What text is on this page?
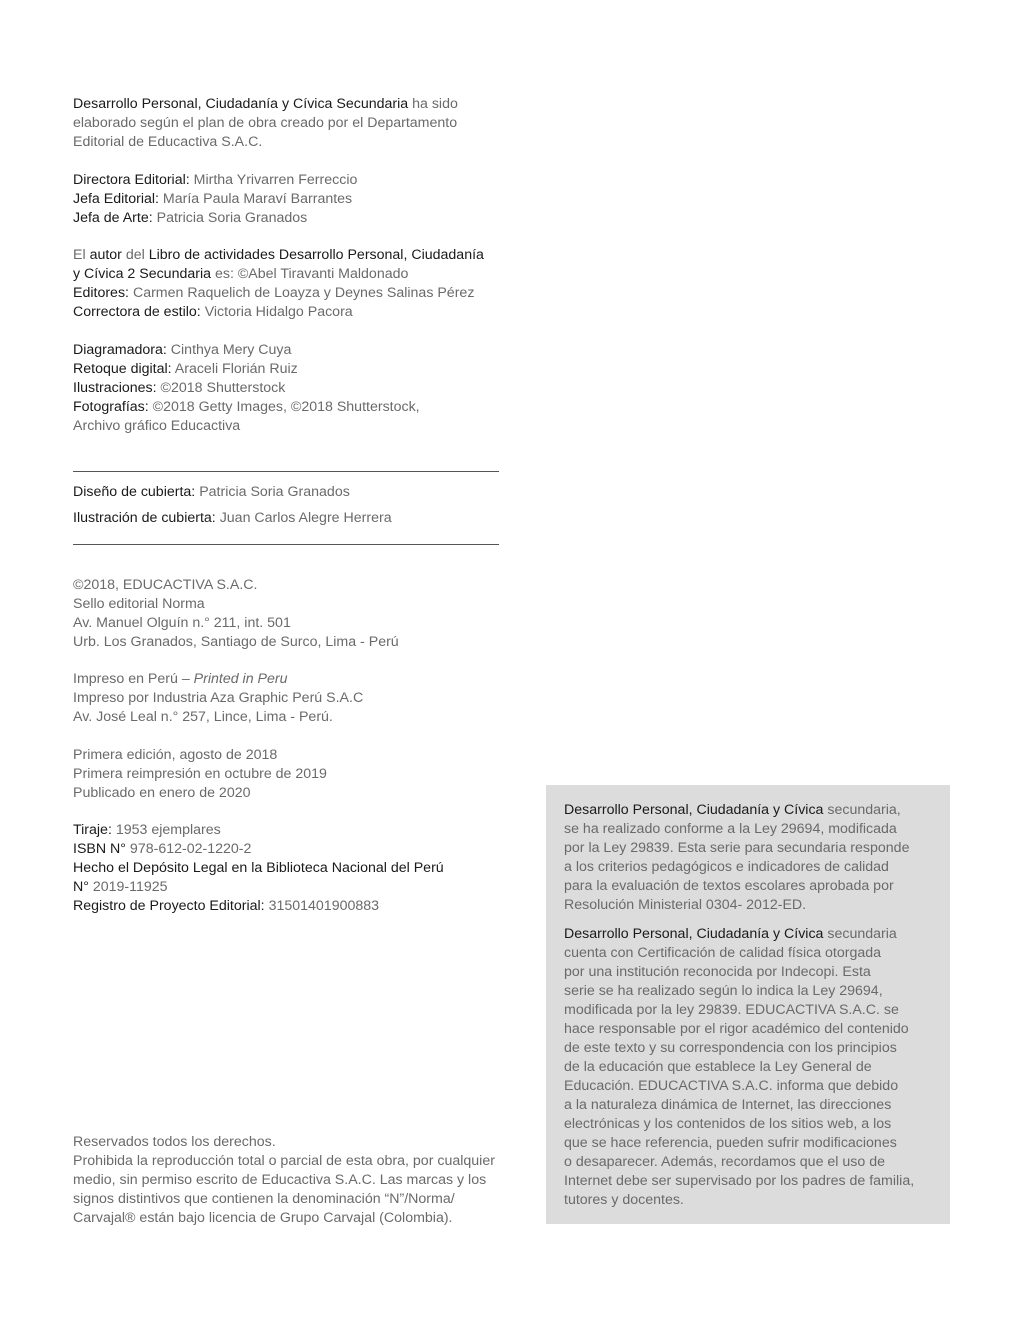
Desarrollo Personal, Ciudadanía y Cívica Secundaria ha sido

elaborado según el plan de obra creado por el Departamento

Editorial de Educactiva S.A.C.

Directora Editorial: Mirtha Yrivarren Ferreccio

Jefa Editorial: María Paula Maraví Barrantes

Jefa de Arte: Patricia Soria Granados

El autor del Libro de actividades Desarrollo Personal, Ciudadanía

y Cívica 2 Secundaria es: ©Abel Tiravanti Maldonado

Editores: Carmen Raquelich de Loayza y Deynes Salinas Pérez

Correctora de estilo: Victoria Hidalgo Pacora

Diagramadora: Cinthya Mery Cuya

Retoque digital: Araceli Florián Ruiz

Ilustraciones: ©2018 Shutterstock

Fotografías: ©2018 Getty Images, ©2018 Shutterstock,

Archivo gráfico Educactiva

Diseño de cubierta: Patricia Soria Granados

Ilustración de cubierta: Juan Carlos Alegre Herrera

©2018, EDUCACTIVA S.A.C.

Sello editorial Norma

Av. Manuel Olguín n.° 211, int. 501

Urb. Los Granados, Santiago de Surco, Lima - Perú

Impreso en Perú – Printed in Peru

Impreso por Industria Aza Graphic Perú S.A.C

Av. José Leal n.° 257, Lince, Lima - Perú.

Primera edición, agosto de 2018

Primera reimpresión en octubre de 2019

Publicado en enero de 2020

Tiraje: 1953 ejemplares

ISBN N° 978-612-02-1220-2

Hecho el Depósito Legal en la Biblioteca Nacional del Perú

N° 2019-11925

Registro de Proyecto Editorial: 31501401900883

Reservados todos los derechos.

Prohibida la reproducción total o parcial de esta obra, por cualquier

medio, sin permiso escrito de Educactiva S.A.C. Las marcas y los

signos distintivos que contienen la denominación “N”/Norma/

Carvajal® están bajo licencia de Grupo Carvajal (Colombia).

Desarrollo Personal, Ciudadanía y Cívica secundaria,

se ha realizado conforme a la Ley 29694, modificada

por la Ley 29839. Esta serie para secundaria responde

a los criterios pedagógicos e indicadores de calidad

para la evaluación de textos escolares aprobada por

Resolución Ministerial 0304- 2012-ED.

Desarrollo Personal, Ciudadanía y Cívica secundaria

cuenta con Certificación de calidad física otorgada

por una institución reconocida por Indecopi. Esta

serie se ha realizado según lo indica la Ley 29694,

modificada por la ley 29839. EDUCACTIVA S.A.C. se

hace responsable por el rigor académico del contenido

de este texto y su correspondencia con los principios

de la educación que establece la Ley General de

Educación. EDUCACTIVA S.A.C. informa que debido

a la naturaleza dinámica de Internet, las direcciones

electrónicas y los contenidos de los sitios web, a los

que se hace referencia, pueden sufrir modificaciones

o desaparecer. Además, recordamos que el uso de

Internet debe ser supervisado por los padres de familia,

tutores y docentes.
